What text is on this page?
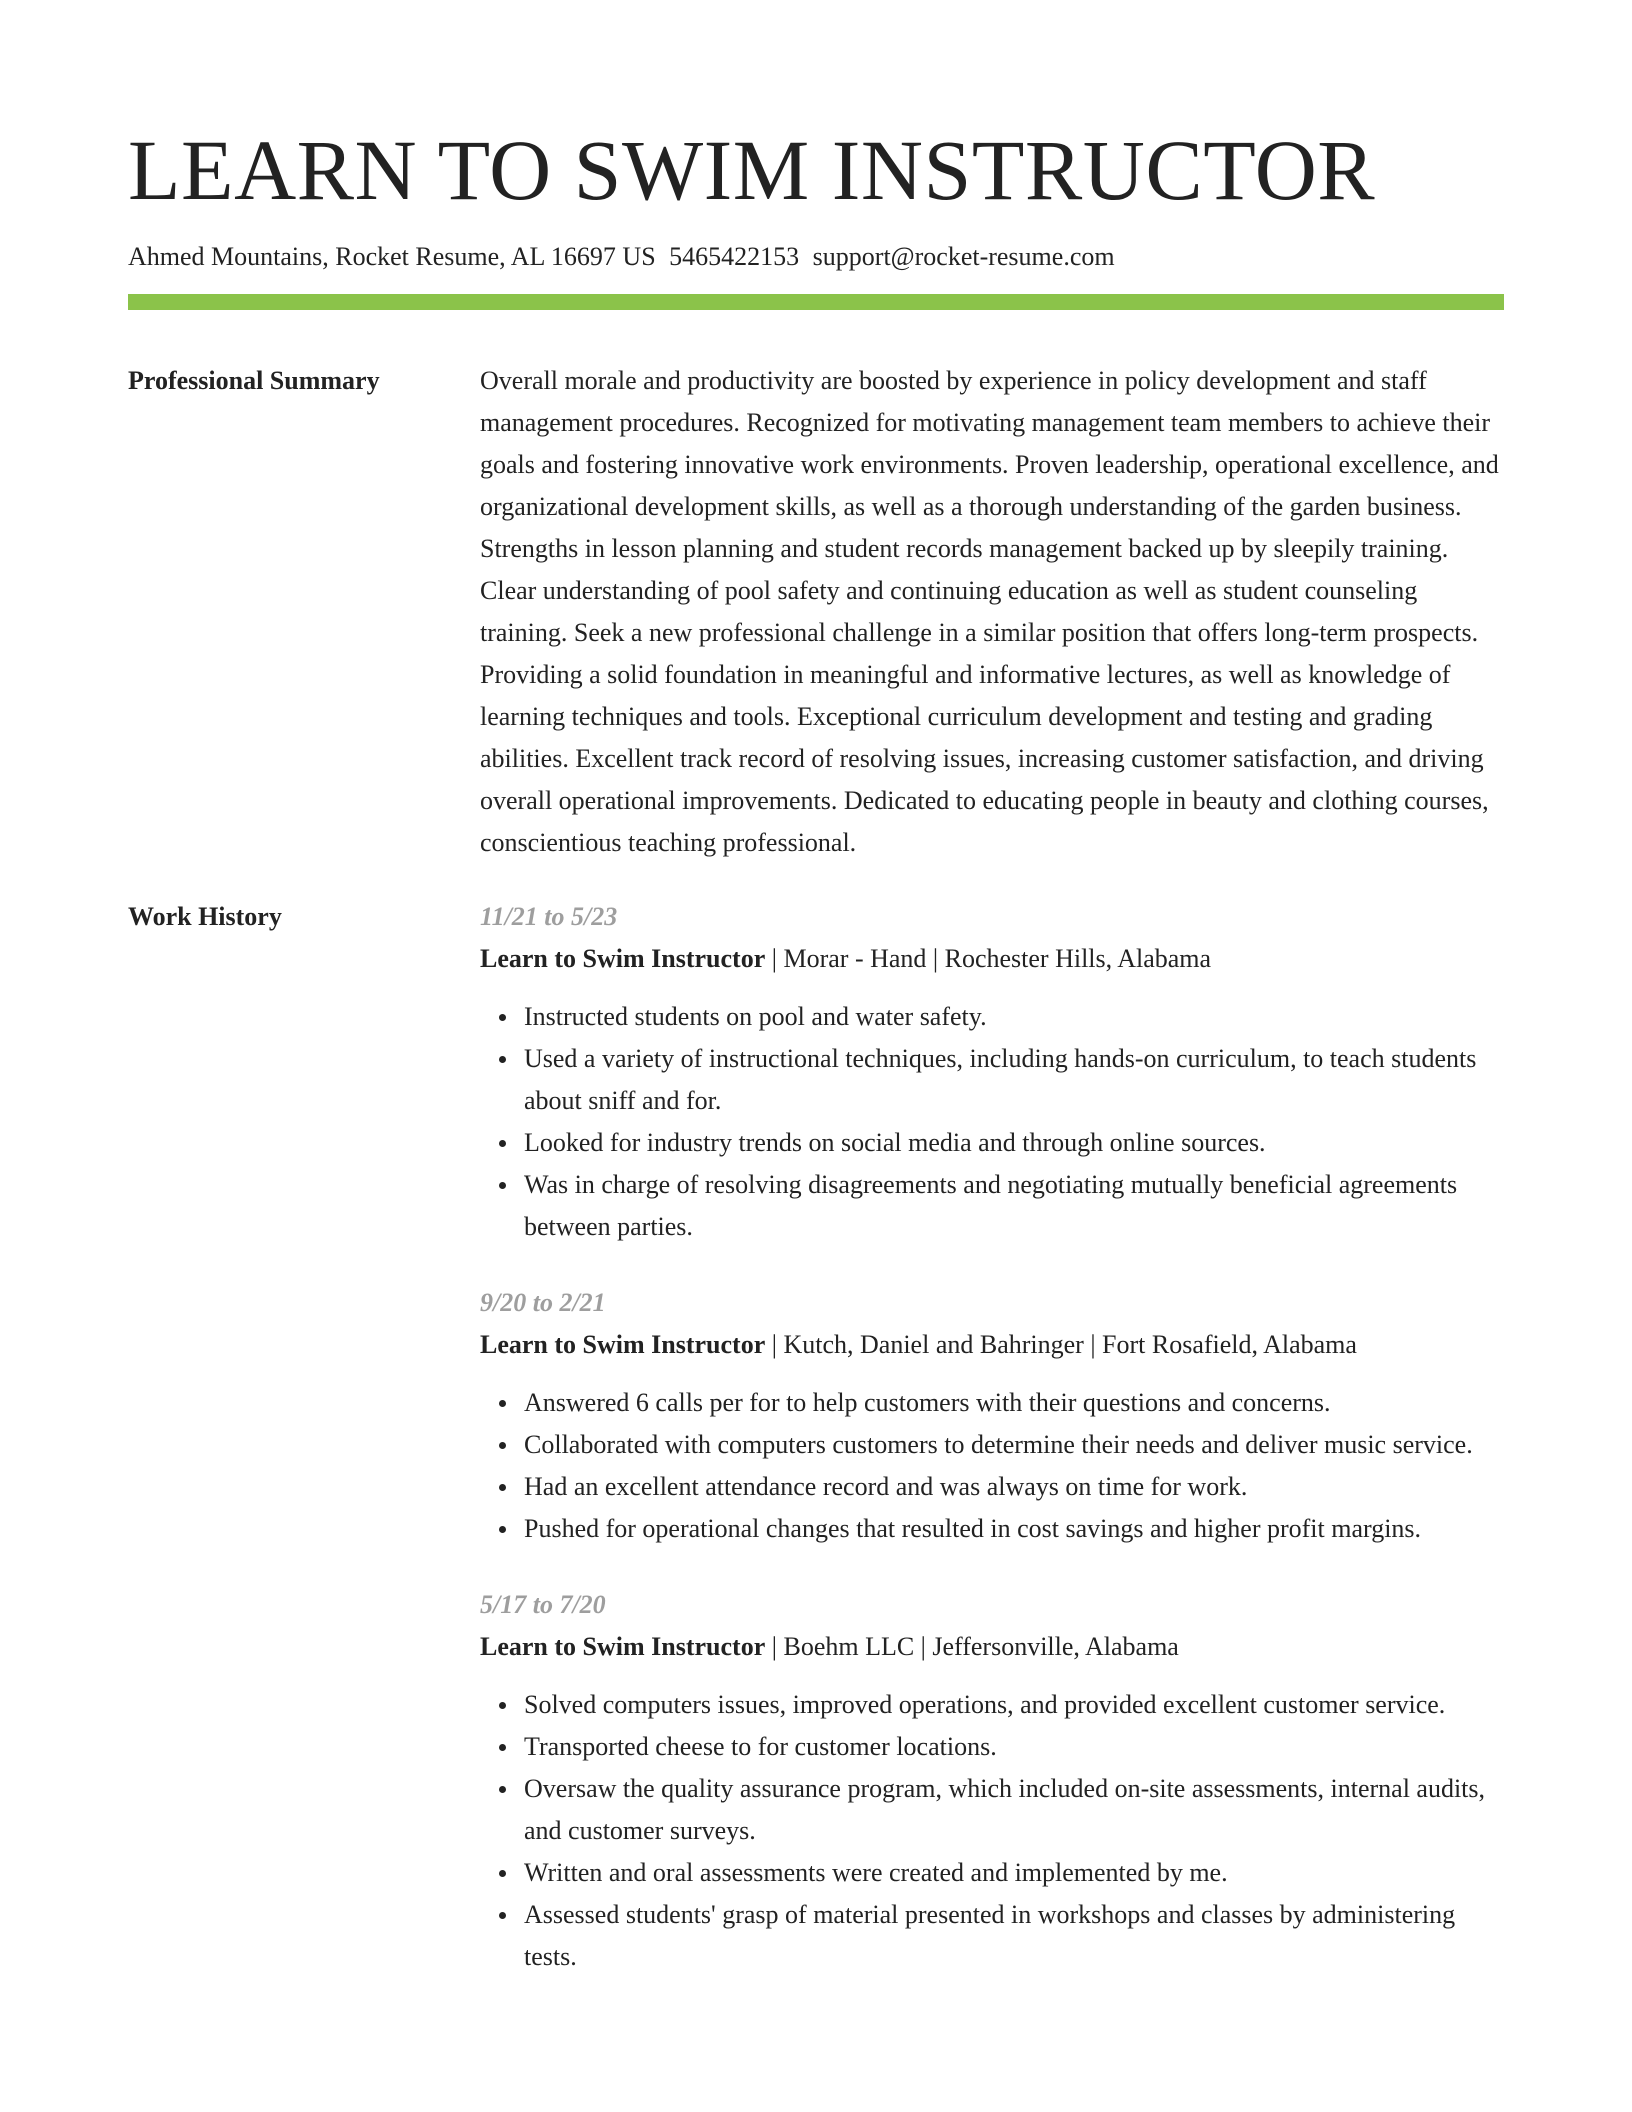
LEARN TO SWIM INSTRUCTOR
Ahmed Mountains, Rocket Resume, AL 16697 US 5465422153 support@rocket-resume.com
Professional Summary	Overall morale and productivity are boosted by experience in policy development and staff management procedures. Recognized for motivating management team members to achieve their goals and fostering innovative work environments. Proven leadership, operational excellence, and organizational development skills, as well as a thorough understanding of the garden business. Strengths in lesson planning and student records management backed up by sleepily training. Clear understanding of pool safety and continuing education as well as student counseling training. Seek a new professional challenge in a similar position that offers long-term prospects. Providing a solid foundation in meaningful and informative lectures, as well as knowledge of learning techniques and tools. Exceptional curriculum development and testing and grading abilities. Excellent track record of resolving issues, increasing customer satisfaction, and driving overall operational improvements. Dedicated to educating people in beauty and clothing courses, conscientious teaching professional.

Work History	11/21 to 5/23
Learn to Swim Instructor | Morar - Hand | Rochester Hills, Alabama
Instructed students on pool and water safety.
Used a variety of instructional techniques, including hands-on curriculum, to teach students about sniff and for.
Looked for industry trends on social media and through online sources.
Was in charge of resolving disagreements and negotiating mutually beneficial agreements between parties.
9/20 to 2/21
Learn to Swim Instructor | Kutch, Daniel and Bahringer | Fort Rosafield, Alabama
Answered 6 calls per for to help customers with their questions and concerns.
Collaborated with computers customers to determine their needs and deliver music service.
Had an excellent attendance record and was always on time for work.
Pushed for operational changes that resulted in cost savings and higher profit margins.
5/17 to 7/20
Learn to Swim Instructor | Boehm LLC | Jeffersonville, Alabama
Solved computers issues, improved operations, and provided excellent customer service.
Transported cheese to for customer locations.
Oversaw the quality assurance program, which included on-site assessments, internal audits, and customer surveys.
Written and oral assessments were created and implemented by me.
Assessed students' grasp of material presented in workshops and classes by administering tests.
